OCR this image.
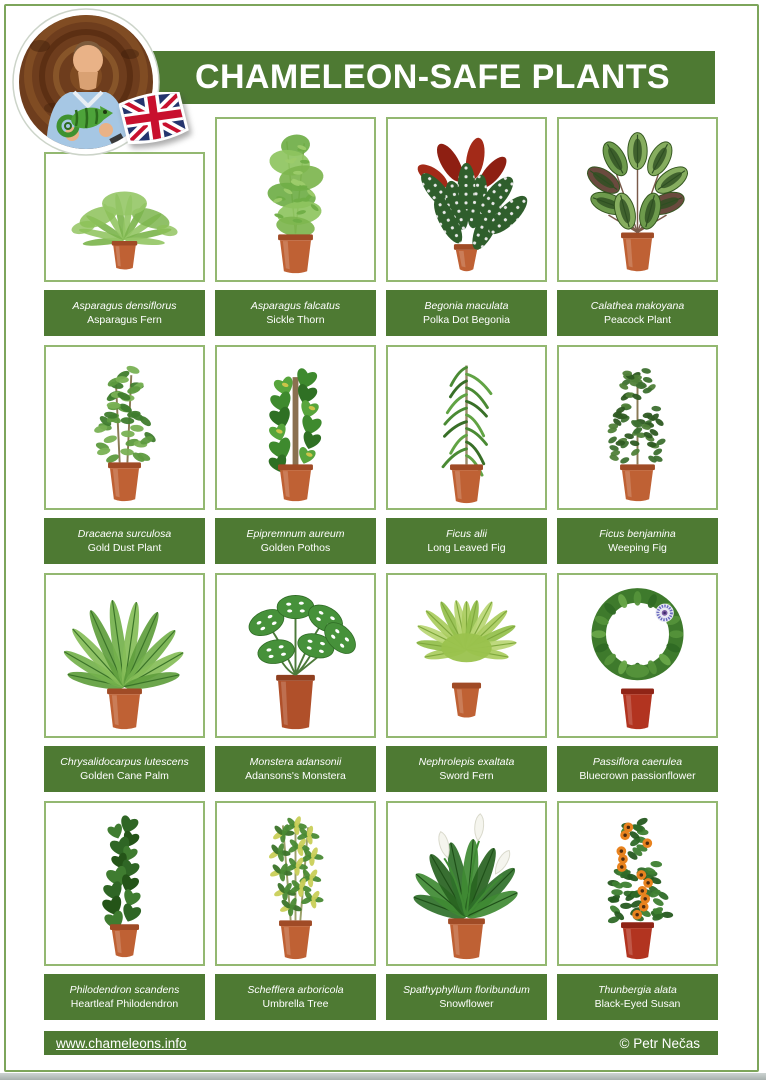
CHAMELEON-SAFE PLANTS
Asparagus densiflorus
Asparagus Fern
Asparagus falcatus
Sickle Thorn
Begonia maculata
Polka Dot Begonia
Calathea makoyana
Peacock Plant
Dracaena surculosa
Gold Dust Plant
Epipremnum aureum
Golden Pothos
Ficus alii
Long Leaved Fig
Ficus benjamina
Weeping Fig
Chrysalidocarpus lutescens
Golden Cane Palm
Monstera adansonii
Adansons's Monstera
Nephrolepis exaltata
Sword Fern
Passiflora caerulea
Bluecrown passionflower
Philodendron scandens
Heartleaf Philodendron
Schefflera arboricola
Umbrella Tree
Spathyphyllum floribundum
Snowflower
Thunbergia alata
Black-Eyed Susan
www.chameleons.info	© Petr Nečas
